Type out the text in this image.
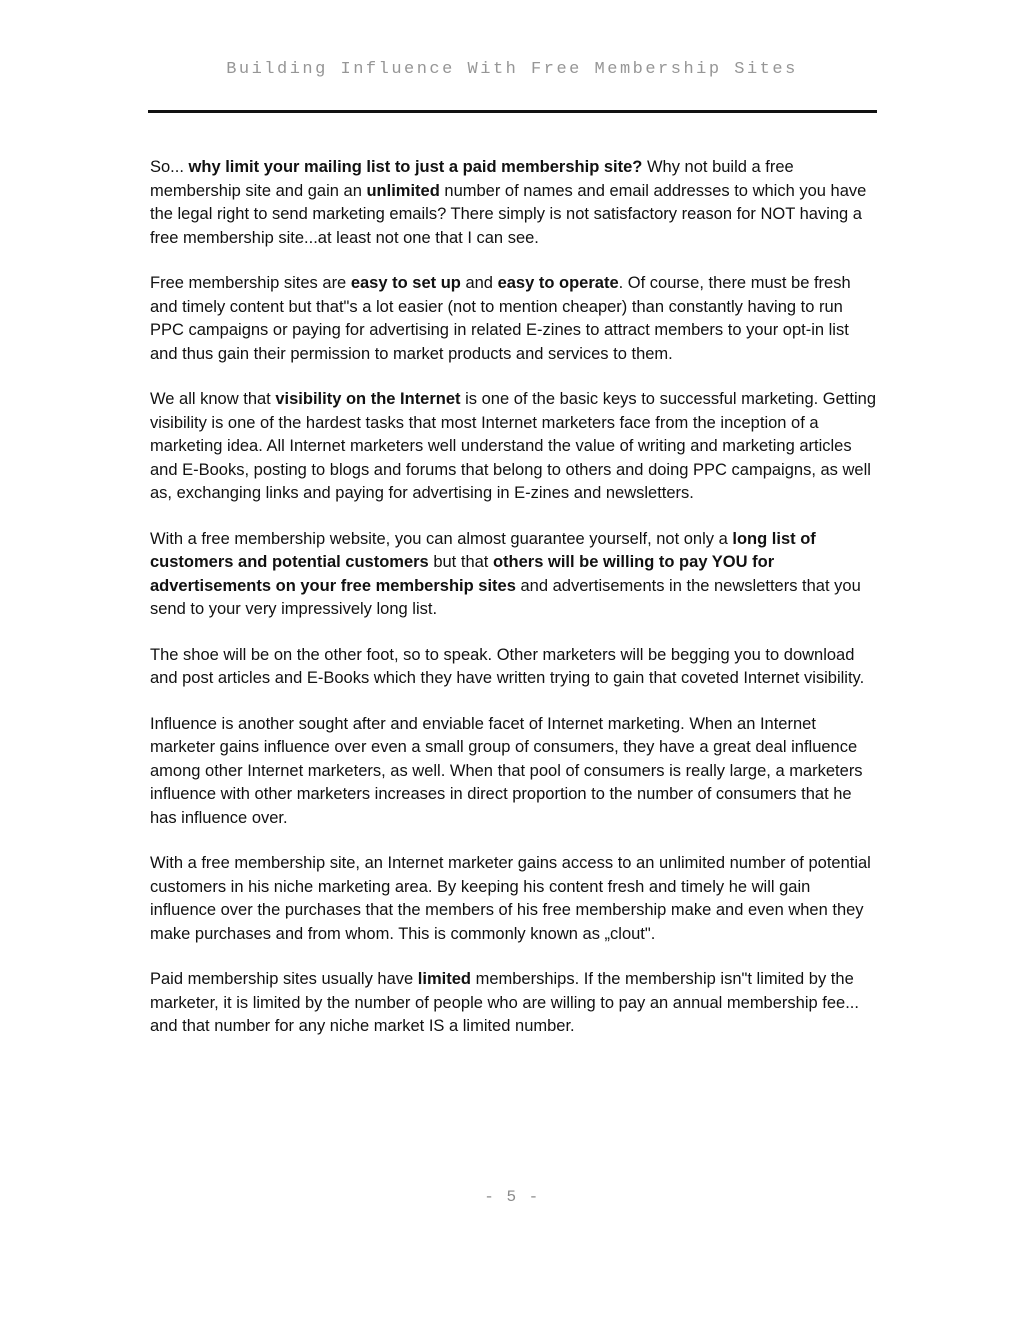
Building Influence With Free Membership Sites

So... why limit your mailing list to just a paid membership site? Why not build a free membership site and gain an unlimited number of names and email addresses to which you have the legal right to send marketing emails? There simply is not satisfactory reason for NOT having a free membership site...at least not one that I can see.

Free membership sites are easy to set up and easy to operate. Of course, there must be fresh and timely content but that"s a lot easier (not to mention cheaper) than constantly having to run PPC campaigns or paying for advertising in related E-zines to attract members to your opt-in list and thus gain their permission to market products and services to them.

We all know that visibility on the Internet is one of the basic keys to successful marketing. Getting visibility is one of the hardest tasks that most Internet marketers face from the inception of a marketing idea. All Internet marketers well understand the value of writing and marketing articles and E-Books, posting to blogs and forums that belong to others and doing PPC campaigns, as well as, exchanging links and paying for advertising in E-zines and newsletters.

With a free membership website, you can almost guarantee yourself, not only a long list of customers and potential customers but that others will be willing to pay YOU for advertisements on your free membership sites and advertisements in the newsletters that you send to your very impressively long list.

The shoe will be on the other foot, so to speak. Other marketers will be begging you to download and post articles and E-Books which they have written trying to gain that coveted Internet visibility.

Influence is another sought after and enviable facet of Internet marketing. When an Internet marketer gains influence over even a small group of consumers, they have a great deal influence among other Internet marketers, as well. When that pool of consumers is really large, a marketers influence with other marketers increases in direct proportion to the number of consumers that he has influence over.

With a free membership site, an Internet marketer gains access to an unlimited number of potential customers in his niche marketing area. By keeping his content fresh and timely he will gain influence over the purchases that the members of his free membership make and even when they make purchases and from whom. This is commonly known as „clout".

Paid membership sites usually have limited memberships. If the membership isn"t limited by the marketer, it is limited by the number of people who are willing to pay an annual membership fee... and that number for any niche market IS a limited number.

- 5 -
